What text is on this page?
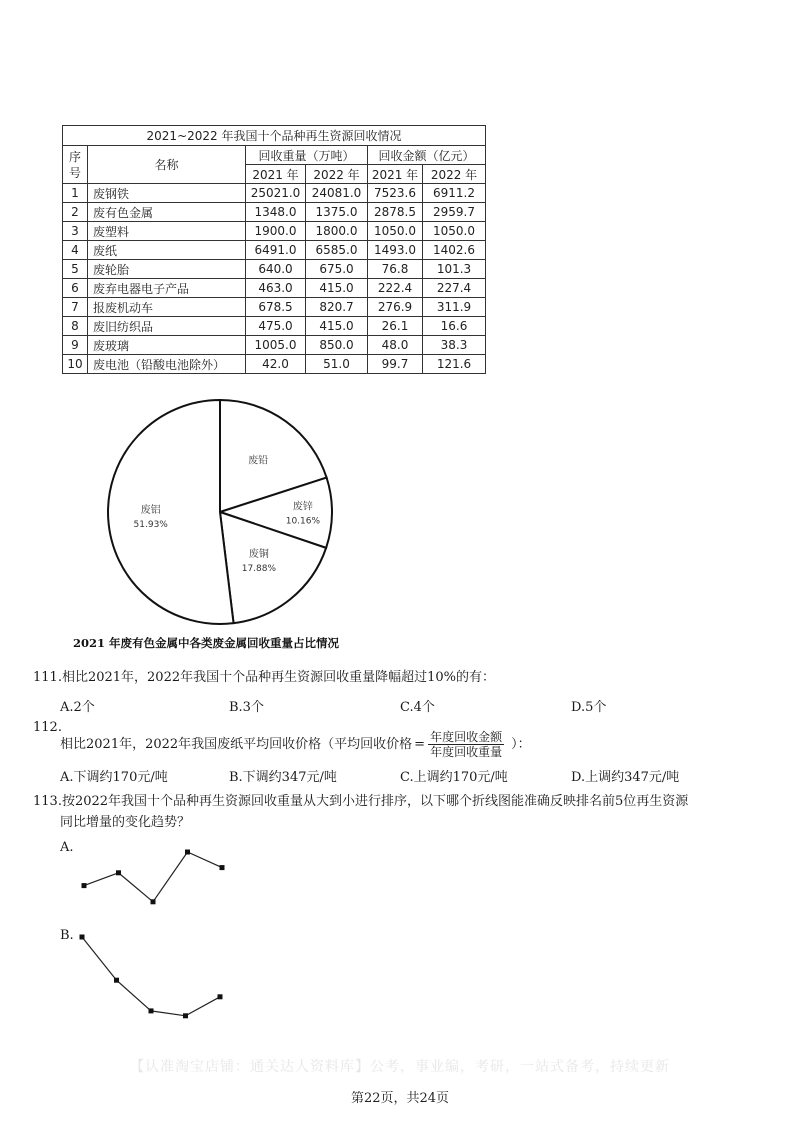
2021~2022 年我国十个品种再生资源回收情况					
序号	名称	回收重量（万吨）		回收金额（亿元）	
		2021 年	2022 年	2021 年	2022 年
1	废钢铁	25021.0	24081.0	7523.6	6911.2
2	废有色金属	1348.0	1375.0	2878.5	2959.7
3	废塑料	1900.0	1800.0	1050.0	1050.0
4	废纸	6491.0	6585.0	1493.0	1402.6
5	废轮胎	640.0	675.0	76.8	101.3
6	废弃电器电子产品	463.0	415.0	222.4	227.4
7	报废机动车	678.5	820.7	276.9	311.9
8	废旧纺织品	475.0	415.0	26.1	16.6
9	废玻璃	1005.0	850.0	48.0	38.3
10	废电池（铅酸电池除外）	42.0	51.0	99.7	121.6
废铅
废锌
10.16%
废铜
17.88%
废铝
51.93%
2021 年废有色金属中各类废金属回收重量占比情况
111.相比2021年，2022年我国十个品种再生资源回收重量降幅超过10%的有：
A.2个	B.3个	C.4个	D.5个
112.
相比2021年，2022年我国废纸平均回收价格（平均回收价格 = $\frac{\text{年度回收金额}}{\text{年度回收重量}}$ ）：
A.下调约170元/吨	B.下调约347元/吨	C.上调约170元/吨	D.上调约347元/吨
113.按2022年我国十个品种再生资源回收重量从大到小进行排序，以下哪个折线图能准确反映排名前5位再生资源
同比增量的变化趋势？
A.
B.
【认准淘宝店铺：通关达人资料库】公考，事业编，考研，一站式备考，持续更新
第22页，共24页
